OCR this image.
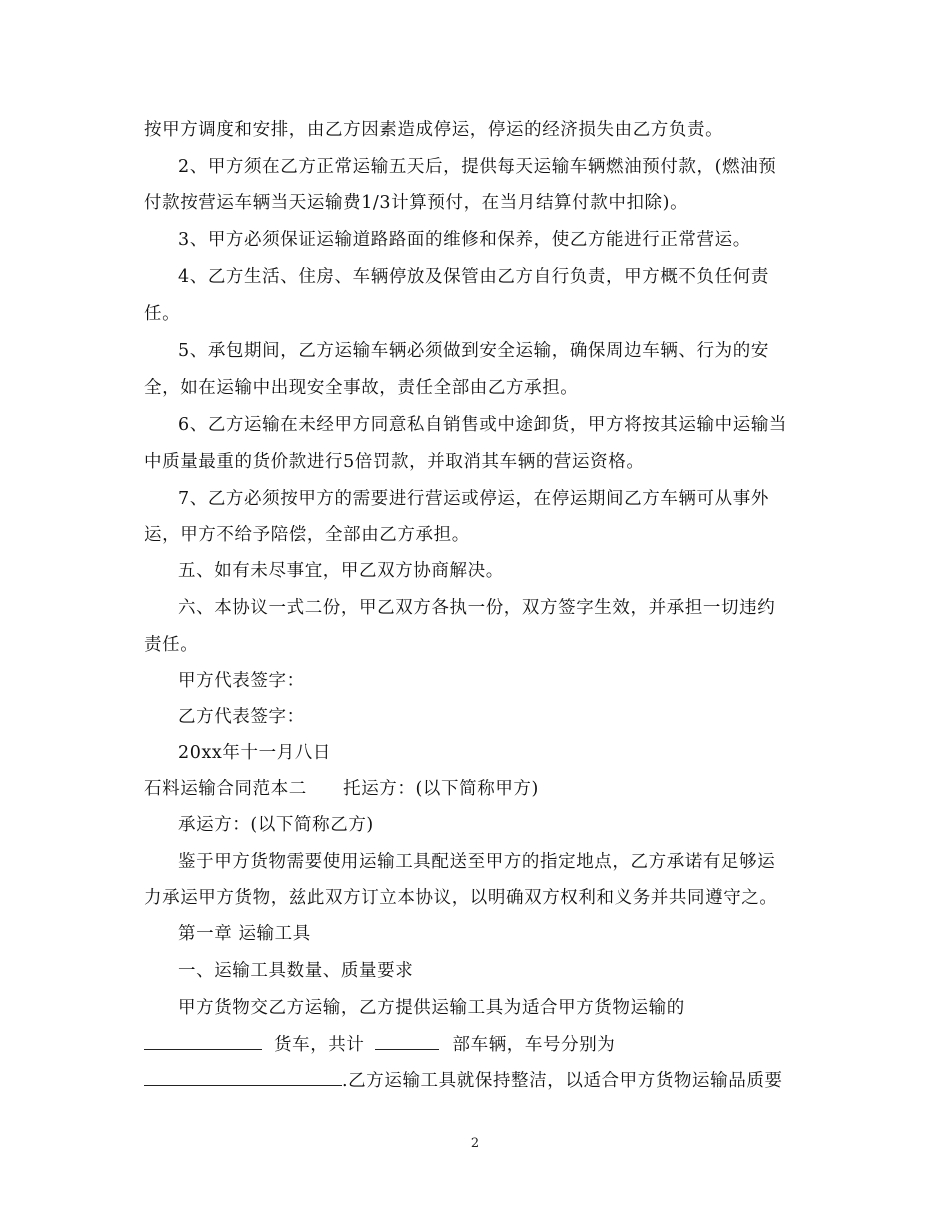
按甲方调度和安排，由乙方因素造成停运，停运的经济损失由乙方负责。
2、甲方须在乙方正常运输五天后，提供每天运输车辆燃油预付款，(燃油预
付款按营运车辆当天运输费1/3计算预付，在当月结算付款中扣除)。
3、甲方必须保证运输道路路面的维修和保养，使乙方能进行正常营运。
4、乙方生活、住房、车辆停放及保管由乙方自行负责，甲方概不负任何责
任。
5、承包期间，乙方运输车辆必须做到安全运输，确保周边车辆、行为的安
全，如在运输中出现安全事故，责任全部由乙方承担。
6、乙方运输在未经甲方同意私自销售或中途卸货，甲方将按其运输中运输当
中质量最重的货价款进行5倍罚款，并取消其车辆的营运资格。
7、乙方必须按甲方的需要进行营运或停运，在停运期间乙方车辆可从事外
运，甲方不给予陪偿，全部由乙方承担。
五、如有未尽事宜，甲乙双方协商解决。
六、本协议一式二份，甲乙双方各执一份，双方签字生效，并承担一切违约
责任。
甲方代表签字：
乙方代表签字：
20xx年十一月八日
石料运输合同范本二　　托运方：(以下简称甲方)
承运方：(以下简称乙方)
鉴于甲方货物需要使用运输工具配送至甲方的指定地点，乙方承诺有足够运
力承运甲方货物，兹此双方订立本协议，以明确双方权利和义务并共同遵守之。
第一章 运输工具
一、运输工具数量、质量要求
甲方货物交乙方运输，乙方提供运输工具为适合甲方货物运输的
货车，共计	部车辆，车号分别为
.乙方运输工具就保持整洁，以适合甲方货物运输品质要
2
